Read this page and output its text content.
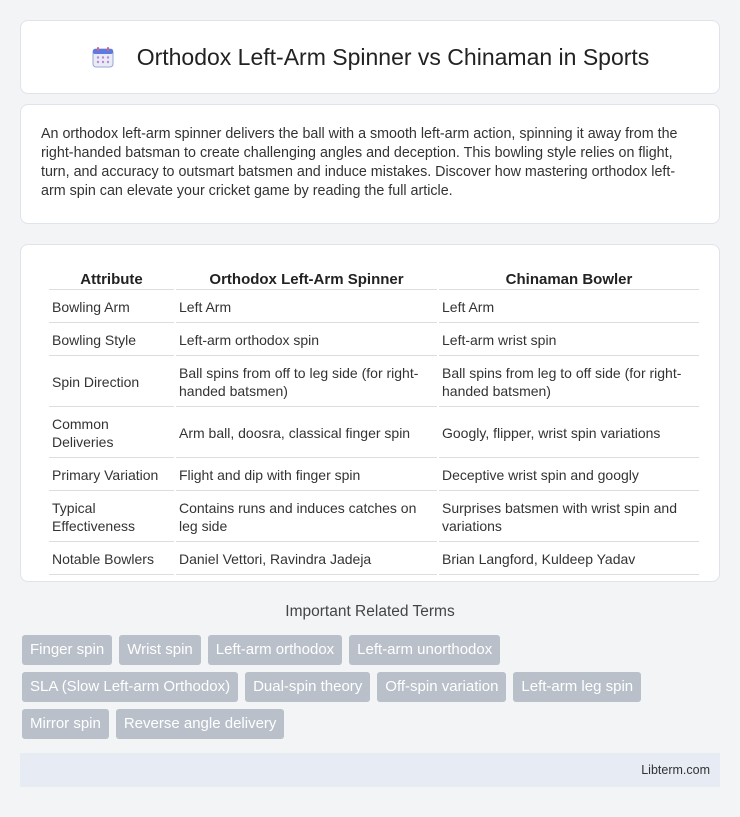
Orthodox Left-Arm Spinner vs Chinaman in Sports

An orthodox left-arm spinner delivers the ball with a smooth left-arm action, spinning it away from the right-handed batsman to create challenging angles and deception. This bowling style relies on flight, turn, and accuracy to outsmart batsmen and induce mistakes. Discover how mastering orthodox left-arm spin can elevate your cricket game by reading the full article.

Attribute	Orthodox Left-Arm Spinner	Chinaman Bowler
Bowling Arm	Left Arm	Left Arm
Bowling Style	Left-arm orthodox spin	Left-arm wrist spin
Spin Direction	Ball spins from off to leg side (for right-handed batsmen)	Ball spins from leg to off side (for right-handed batsmen)
Common Deliveries	Arm ball, doosra, classical finger spin	Googly, flipper, wrist spin variations
Primary Variation	Flight and dip with finger spin	Deceptive wrist spin and googly
Typical Effectiveness	Contains runs and induces catches on leg side	Surprises batsmen with wrist spin and variations
Notable Bowlers	Daniel Vettori, Ravindra Jadeja	Brian Langford, Kuldeep Yadav
Important Related Terms
Finger spin	Wrist spin	Left-arm orthodox	Left-arm unorthodox
SLA (Slow Left-arm Orthodox)	Dual-spin theory	Off-spin variation	Left-arm leg spin
Mirror spin	Reverse angle delivery
Libterm.com
